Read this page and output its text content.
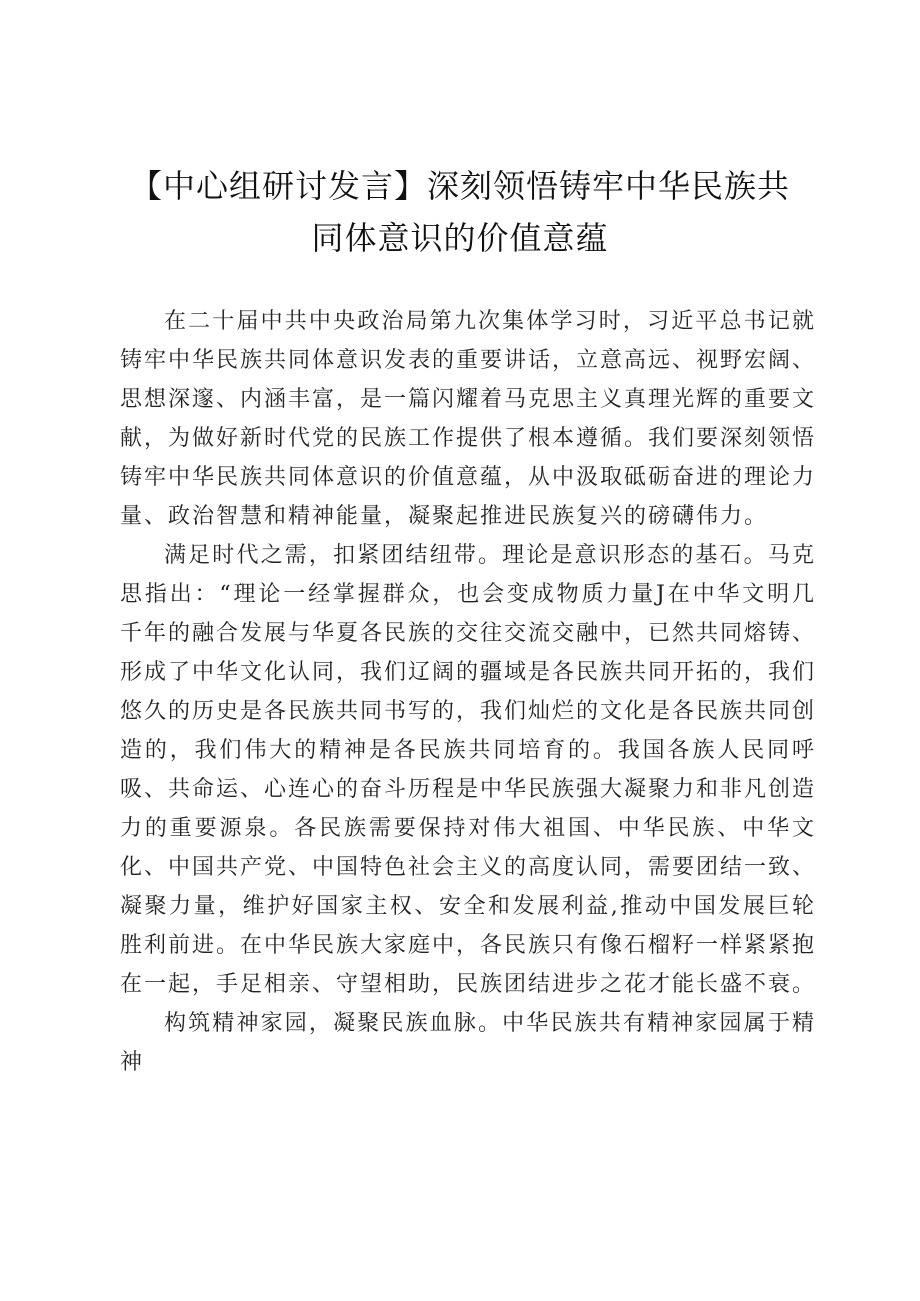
【中心组研讨发言】深刻领悟铸牢中华民族共
同体意识的价值意蕴

在二十届中共中央政治局第九次集体学习时，习近平总书记就铸牢中华民族共同体意识发表的重要讲话，立意高远、视野宏阔、思想深邃、内涵丰富，是一篇闪耀着马克思主义真理光辉的重要文献，为做好新时代党的民族工作提供了根本遵循。我们要深刻领悟铸牢中华民族共同体意识的价值意蕴，从中汲取砥砺奋进的理论力量、政治智慧和精神能量，凝聚起推进民族复兴的磅礴伟力。

满足时代之需，扣紧团结纽带。理论是意识形态的基石。马克思指出：“理论一经掌握群众，也会变成物质力量J在中华文明几千年的融合发展与华夏各民族的交往交流交融中，已然共同熔铸、形成了中华文化认同，我们辽阔的疆域是各民族共同开拓的，我们悠久的历史是各民族共同书写的，我们灿烂的文化是各民族共同创造的，我们伟大的精神是各民族共同培育的。我国各族人民同呼吸、共命运、心连心的奋斗历程是中华民族强大凝聚力和非凡创造力的重要源泉。各民族需要保持对伟大祖国、中华民族、中华文化、中国共产党、中国特色社会主义的高度认同，需要团结一致、凝聚力量，维护好国家主权、安全和发展利益,推动中国发展巨轮胜利前进。在中华民族大家庭中，各民族只有像石榴籽一样紧紧抱在一起，手足相亲、守望相助，民族团结进步之花才能长盛不衰。

构筑精神家园，凝聚民族血脉。中华民族共有精神家园属于精神
